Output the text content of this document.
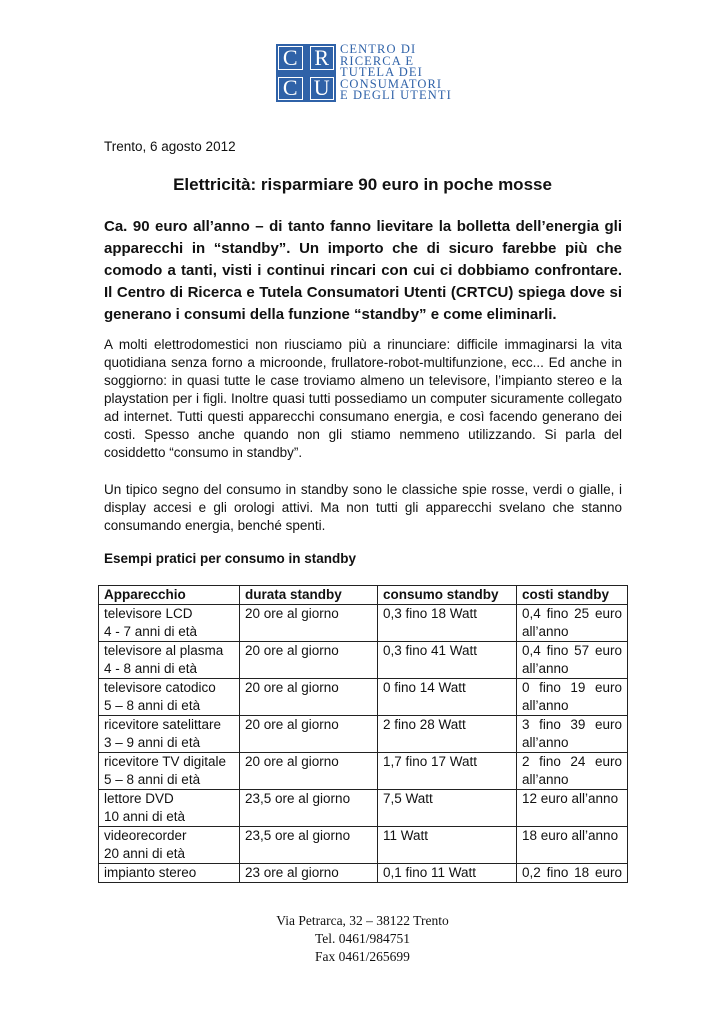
C R
C U
CENTRO DI
RICERCA E
TUTELA DEI
CONSUMATORI
E DEGLI UTENTI
Trento, 6 agosto 2012
Elettricità: risparmiare 90 euro in poche mosse
Ca. 90 euro all’anno – di tanto fanno lievitare la bolletta dell’energia gli apparecchi in “standby”. Un importo che di sicuro farebbe più che comodo a tanti, visti i continui rincari con cui ci dobbiamo confrontare. Il Centro di Ricerca e Tutela Consumatori Utenti (CRTCU) spiega dove si generano i consumi della funzione “standby” e come eliminarli.
A molti elettrodomestici non riusciamo più a rinunciare: difficile immaginarsi la vita quotidiana senza forno a microonde, frullatore-robot-multifunzione, ecc... Ed anche in soggiorno: in quasi tutte le case troviamo almeno un televisore, l’impianto stereo e la playstation per i figli. Inoltre quasi tutti possediamo un computer sicuramente collegato ad internet. Tutti questi apparecchi consumano energia, e così facendo generano dei costi. Spesso anche quando non gli stiamo nemmeno utilizzando. Si parla del cosiddetto “consumo in standby”.
Un tipico segno del consumo in standby sono le classiche spie rosse, verdi o gialle, i display accesi e gli orologi attivi. Ma non tutti gli apparecchi svelano che stanno consumando energia, benché spenti.
Esempi pratici per consumo in standby
Apparecchio	durata standby	consumo standby	costi standby

televisore LCD
4 - 7 anni di età	20 ore al giorno	0,3 fino 18 Watt	0,4 fino 25 euro
all’anno

televisore al plasma
4 - 8 anni di età	20 ore al giorno	0,3 fino 41 Watt	0,4 fino 57 euro
all’anno

televisore catodico
5 – 8 anni di età	20 ore al giorno	0 fino 14 Watt	0 fino 19 euro
all’anno

ricevitore satelittare
3 – 9 anni di età	20 ore al giorno	2 fino 28 Watt	3 fino 39 euro
all’anno

ricevitore TV digitale
5 – 8 anni di età	20 ore al giorno	1,7 fino 17 Watt	2 fino 24 euro
all’anno

lettore DVD
10 anni di età	23,5 ore al giorno	7,5 Watt	12 euro all’anno

videorecorder
20 anni di età	23,5 ore al giorno	11 Watt	18 euro all’anno
impianto stereo	23 ore al giorno	0,1 fino 11 Watt	0,2 fino 18 euro
Via Petrarca, 32 – 38122 Trento
Tel. 0461/984751
Fax 0461/265699
